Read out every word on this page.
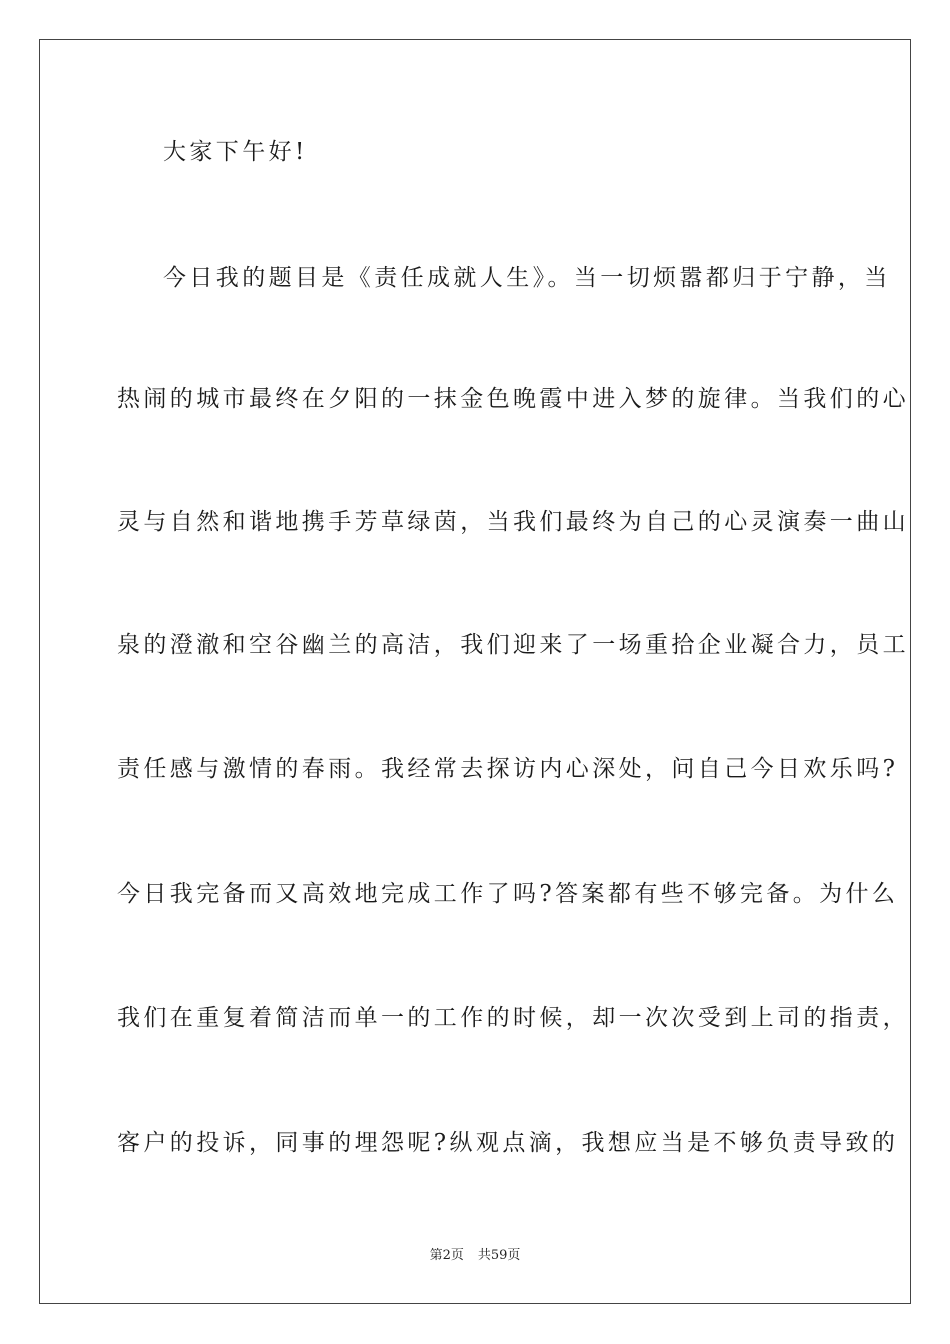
大家下午好!
今日我的题目是《责任成就人生》。当一切烦嚣都归于宁静，当
热闹的城市最终在夕阳的一抹金色晚霞中进入梦的旋律。当我们的心
灵与自然和谐地携手芳草绿茵，当我们最终为自己的心灵演奏一曲山
泉的澄澈和空谷幽兰的高洁，我们迎来了一场重拾企业凝合力，员工
责任感与激情的春雨。我经常去探访内心深处，问自己今日欢乐吗?
今日我完备而又高效地完成工作了吗?答案都有些不够完备。为什么
我们在重复着简洁而单一的工作的时候，却一次次受到上司的指责，
客户的投诉，同事的埋怨呢?纵观点滴，我想应当是不够负责导致的
第2页 共59页
